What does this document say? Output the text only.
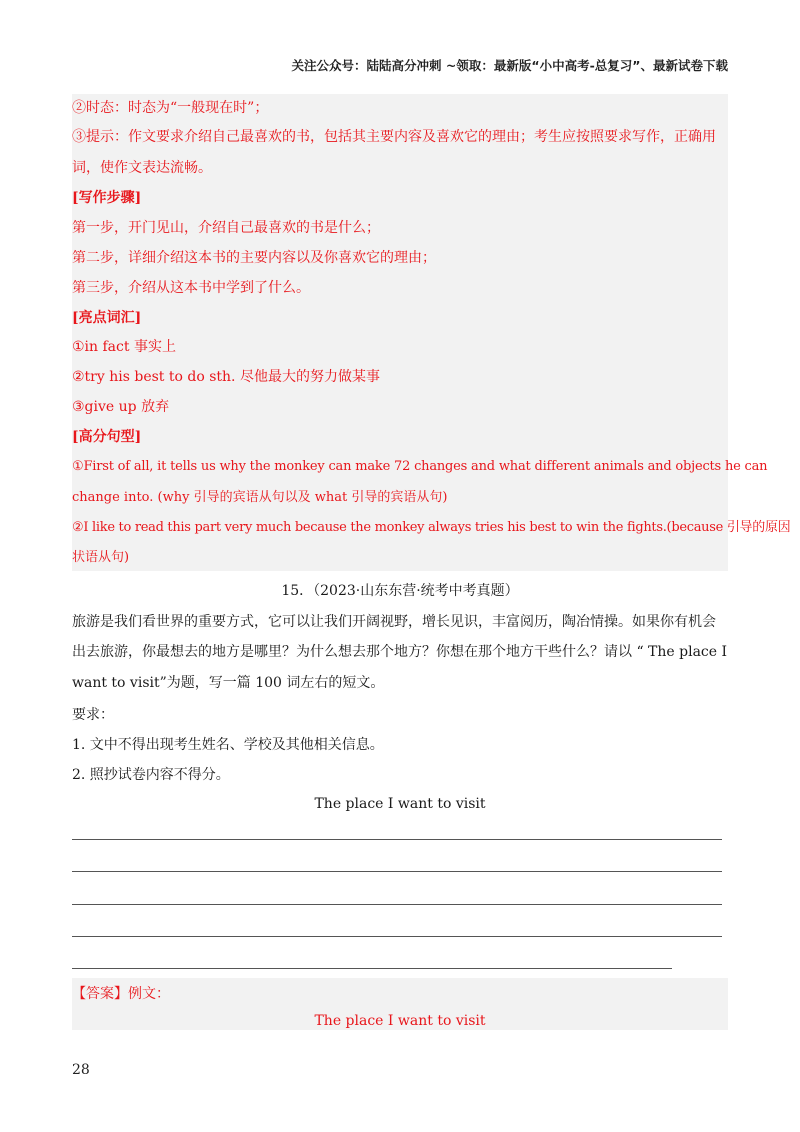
关注公众号：陆陆高分冲刺 ~领取：最新版“小中高考-总复习”、最新试卷下载
②时态：时态为“一般现在时”；
③提示：作文要求介绍自己最喜欢的书，包括其主要内容及喜欢它的理由；考生应按照要求写作，正确用
词，使作文表达流畅。
[写作步骤]
第一步，开门见山，介绍自己最喜欢的书是什么；
第二步，详细介绍这本书的主要内容以及你喜欢它的理由；
第三步，介绍从这本书中学到了什么。
[亮点词汇]
①in fact 事实上
②try his best to do sth. 尽他最大的努力做某事
③give up 放弃
[高分句型]
①First of all, it tells us why the monkey can make 72 changes and what different animals and objects he can
change into. (why 引导的宾语从句以及 what 引导的宾语从句)
②I like to read this part very much because the monkey always tries his best to win the fights.(because 引导的原因
状语从句)
15．（2023·山东东营·统考中考真题）
旅游是我们看世界的重要方式，它可以让我们开阔视野，增长见识，丰富阅历，陶冶情操。如果你有机会
出去旅游，你最想去的地方是哪里？为什么想去那个地方？你想在那个地方干些什么？请以 “ The place I
want to visit”为题，写一篇 100 词左右的短文。
要求：
1. 文中不得出现考生姓名、学校及其他相关信息。
2. 照抄试卷内容不得分。
The place I want to visit
【答案】例文：
The place I want to visit
28
